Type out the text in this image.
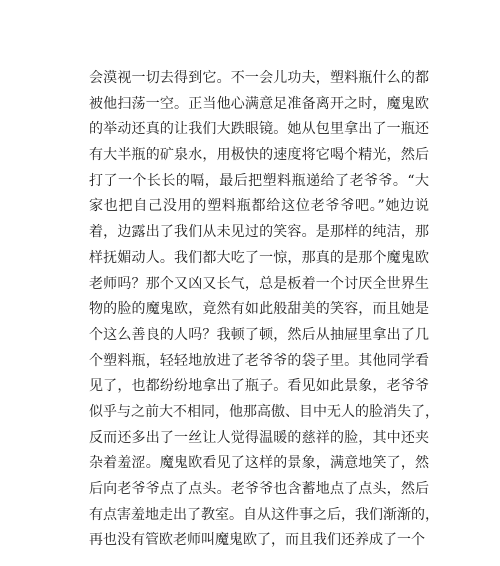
会漠视一切去得到它。不一会儿功夫，塑料瓶什么的都
被他扫荡一空。正当他心满意足准备离开之时，魔鬼欧
的举动还真的让我们大跌眼镜。她从包里拿出了一瓶还
有大半瓶的矿泉水，用极快的速度将它喝个精光，然后
打了一个长长的嗝，最后把塑料瓶递给了老爷爷。“大
家也把自己没用的塑料瓶都给这位老爷爷吧。”她边说
着，边露出了我们从未见过的笑容。是那样的纯洁，那
样抚媚动人。我们都大吃了一惊，那真的是那个魔鬼欧
老师吗？那个又凶又长气，总是板着一个讨厌全世界生
物的脸的魔鬼欧，竟然有如此般甜美的笑容，而且她是
个这么善良的人吗？我顿了顿，然后从抽屉里拿出了几
个塑料瓶，轻轻地放进了老爷爷的袋子里。其他同学看
见了，也都纷纷地拿出了瓶子。看见如此景象，老爷爷
似乎与之前大不相同，他那高傲、目中无人的脸消失了，
反而还多出了一丝让人觉得温暖的慈祥的脸，其中还夹
杂着羞涩。魔鬼欧看见了这样的景象，满意地笑了，然
后向老爷爷点了点头。老爷爷也含蓄地点了点头，然后
有点害羞地走出了教室。自从这件事之后，我们渐渐的，
再也没有管欧老师叫魔鬼欧了，而且我们还养成了一个
